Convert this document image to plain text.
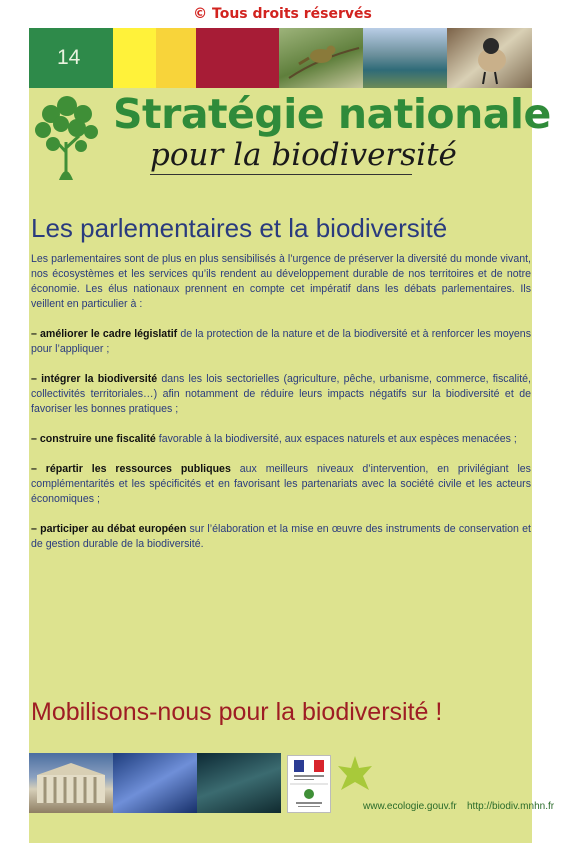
© Tous droits réservés
14
Stratégie nationale
pour la biodiversité
Les parlementaires et la biodiversité

Les parlementaires sont de plus en plus sensibilisés à l’urgence de préserver la diversité du monde vivant, nos écosystèmes et les services qu’ils rendent au développement durable de nos territoires et de notre économie. Les élus nationaux prennent en compte cet impératif dans les débats parlementaires. Ils veillent en particulier à :

– améliorer le cadre législatif de la protection de la nature et de la biodiversité et à renforcer les moyens pour l’appliquer ;

– intégrer la biodiversité dans les lois sectorielles (agriculture, pêche, urbanisme, commerce, fiscalité, collectivités territoriales…) afin notamment de réduire leurs impacts négatifs sur la biodiversité et de favoriser les bonnes pratiques ;

– construire une fiscalité favorable à la biodiversité, aux espaces naturels et aux espèces menacées ;

– répartir les ressources publiques aux meilleurs niveaux d’intervention, en privilégiant les complémentarités et les spécificités et en favorisant les partenariats avec la société civile et les acteurs économiques ;

– participer au débat européen sur l’élaboration et la mise en œuvre des instruments de conservation et de gestion durable de la biodiversité.

Mobilisons-nous pour la biodiversité !
www.ecologie.gouv.fr http://biodiv.mnhn.fr
